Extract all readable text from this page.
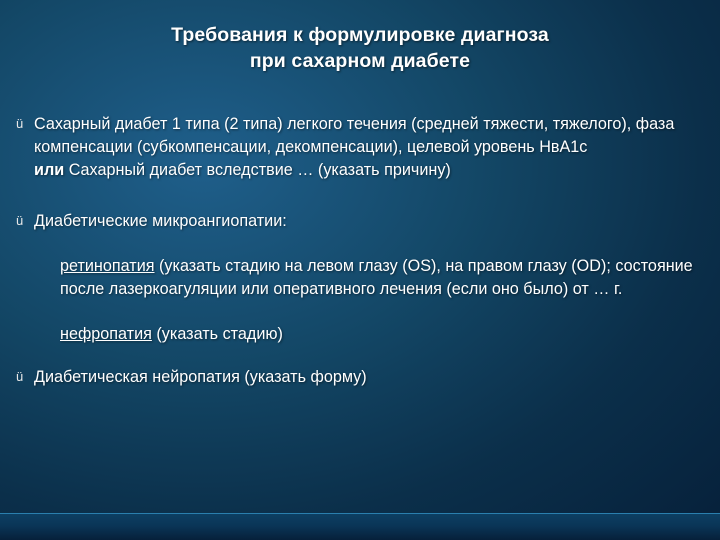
Требования к формулировке диагноза
при сахарном диабете
ü Сахарный диабет 1 типа (2 типа) легкого течения (средней тяжести, тяжелого), фаза компенсации (субкомпенсации, декомпенсации), целевой уровень НвА1с
или Сахарный диабет вследствие … (указать причину)
ü Диабетические микроангиопатии:
ретинопатия (указать стадию на левом глазу (OS), на правом глазу (OD); состояние после лазеркоагуляции или оперативного лечения (если оно было) от … г.
нефропатия (указать стадию)
ü Диабетическая нейропатия (указать форму)
